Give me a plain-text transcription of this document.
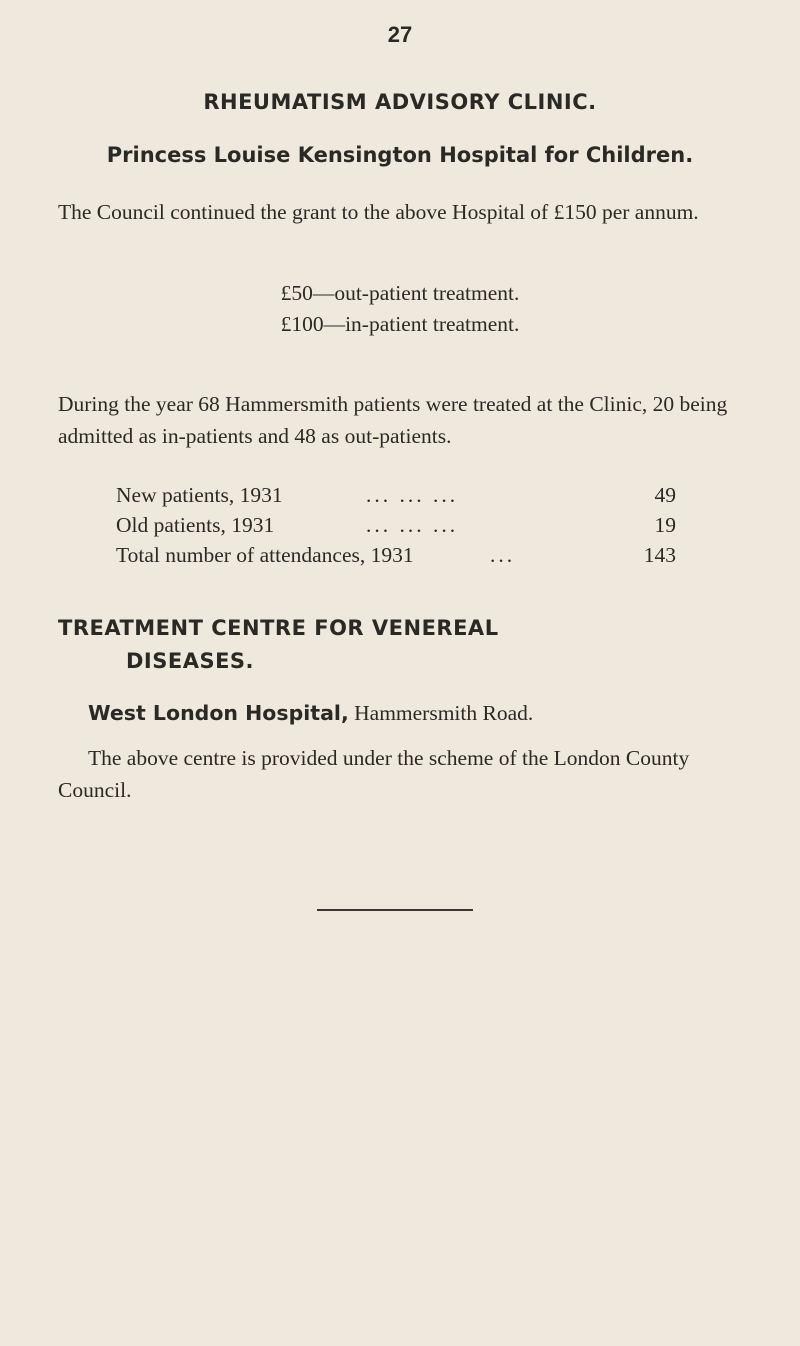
27
RHEUMATISM ADVISORY CLINIC.
Princess Louise Kensington Hospital for Children.

The Council continued the grant to the above Hospital of £150 per annum.

£50—out-patient treatment.
£100—in-patient treatment.

During the year 68 Hammersmith patients were treated at the Clinic, 20 being admitted as in-patients and 48 as out-patients.

New patients, 1931	... ... ...	49
Old patients, 1931	... ... ...	19
Total number of attendances, 1931	...	143

TREATMENT CENTRE FOR VENEREAL
DISEASES.

West London Hospital, Hammersmith Road.

The above centre is provided under the scheme of the London County Council.
